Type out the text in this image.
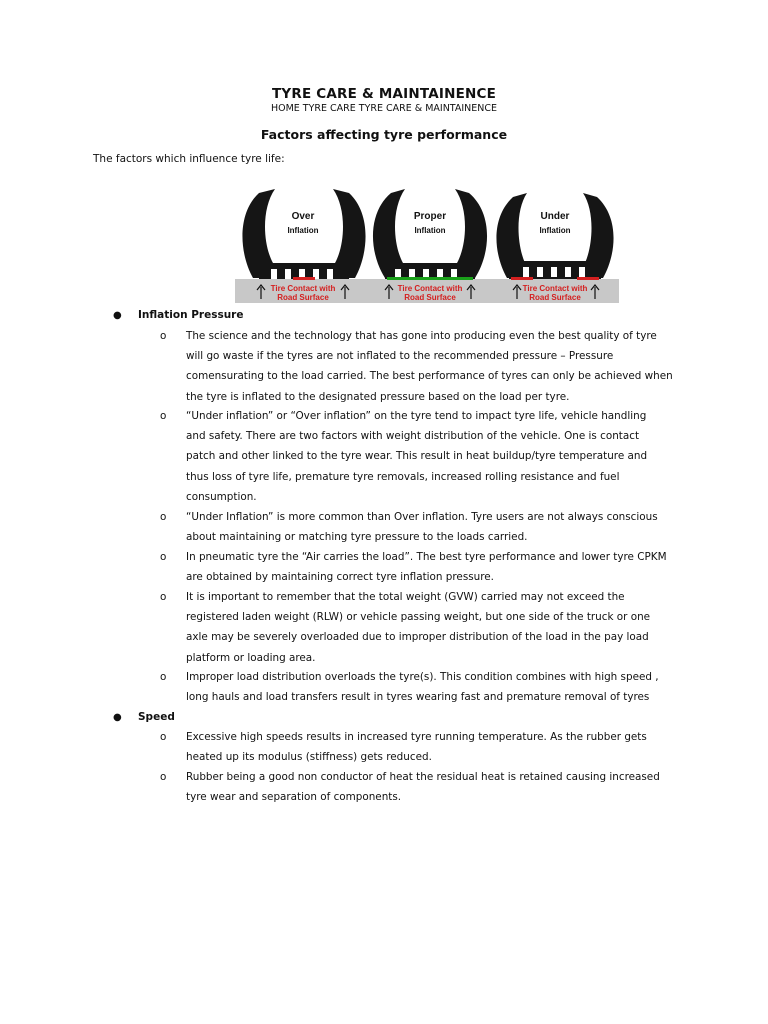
TYRE CARE & MAINTAINENCE
HOME TYRE CARE TYRE CARE & MAINTAINENCE
Factors affecting tyre performance
The factors which influence tyre life:
Over
Inflation
Tire Contact with
Road Surface
Proper
Inflation
Tire Contact with
Road Surface
Under
Inflation
Tire Contact with
Road Surface
● Inflation Pressure
o	The science and the technology that has gone into producing even the best quality of tyre
will go waste if the tyres are not inflated to the recommended pressure – Pressure
comensurating to the load carried. The best performance of tyres can only be achieved when
the tyre is inflated to the designated pressure based on the load per tyre.
o	“Under inflation” or “Over inflation” on the tyre tend to impact tyre life, vehicle handling
and safety. There are two factors with weight distribution of the vehicle. One is contact
patch and other linked to the tyre wear. This result in heat buildup/tyre temperature and
thus loss of tyre life, premature tyre removals, increased rolling resistance and fuel
consumption.
o	“Under Inflation” is more common than Over inflation. Tyre users are not always conscious
about maintaining or matching tyre pressure to the loads carried.
o	In pneumatic tyre the “Air carries the load”. The best tyre performance and lower tyre CPKM
are obtained by maintaining correct tyre inflation pressure.
o	It is important to remember that the total weight (GVW) carried may not exceed the
registered laden weight (RLW) or vehicle passing weight, but one side of the truck or one
axle may be severely overloaded due to improper distribution of the load in the pay load
platform or loading area.
o	Improper load distribution overloads the tyre(s). This condition combines with high speed ,
long hauls and load transfers result in tyres wearing fast and premature removal of tyres
● Speed
o	Excessive high speeds results in increased tyre running temperature. As the rubber gets
heated up its modulus (stiffness) gets reduced.
o	Rubber being a good non conductor of heat the residual heat is retained causing increased
tyre wear and separation of components.
